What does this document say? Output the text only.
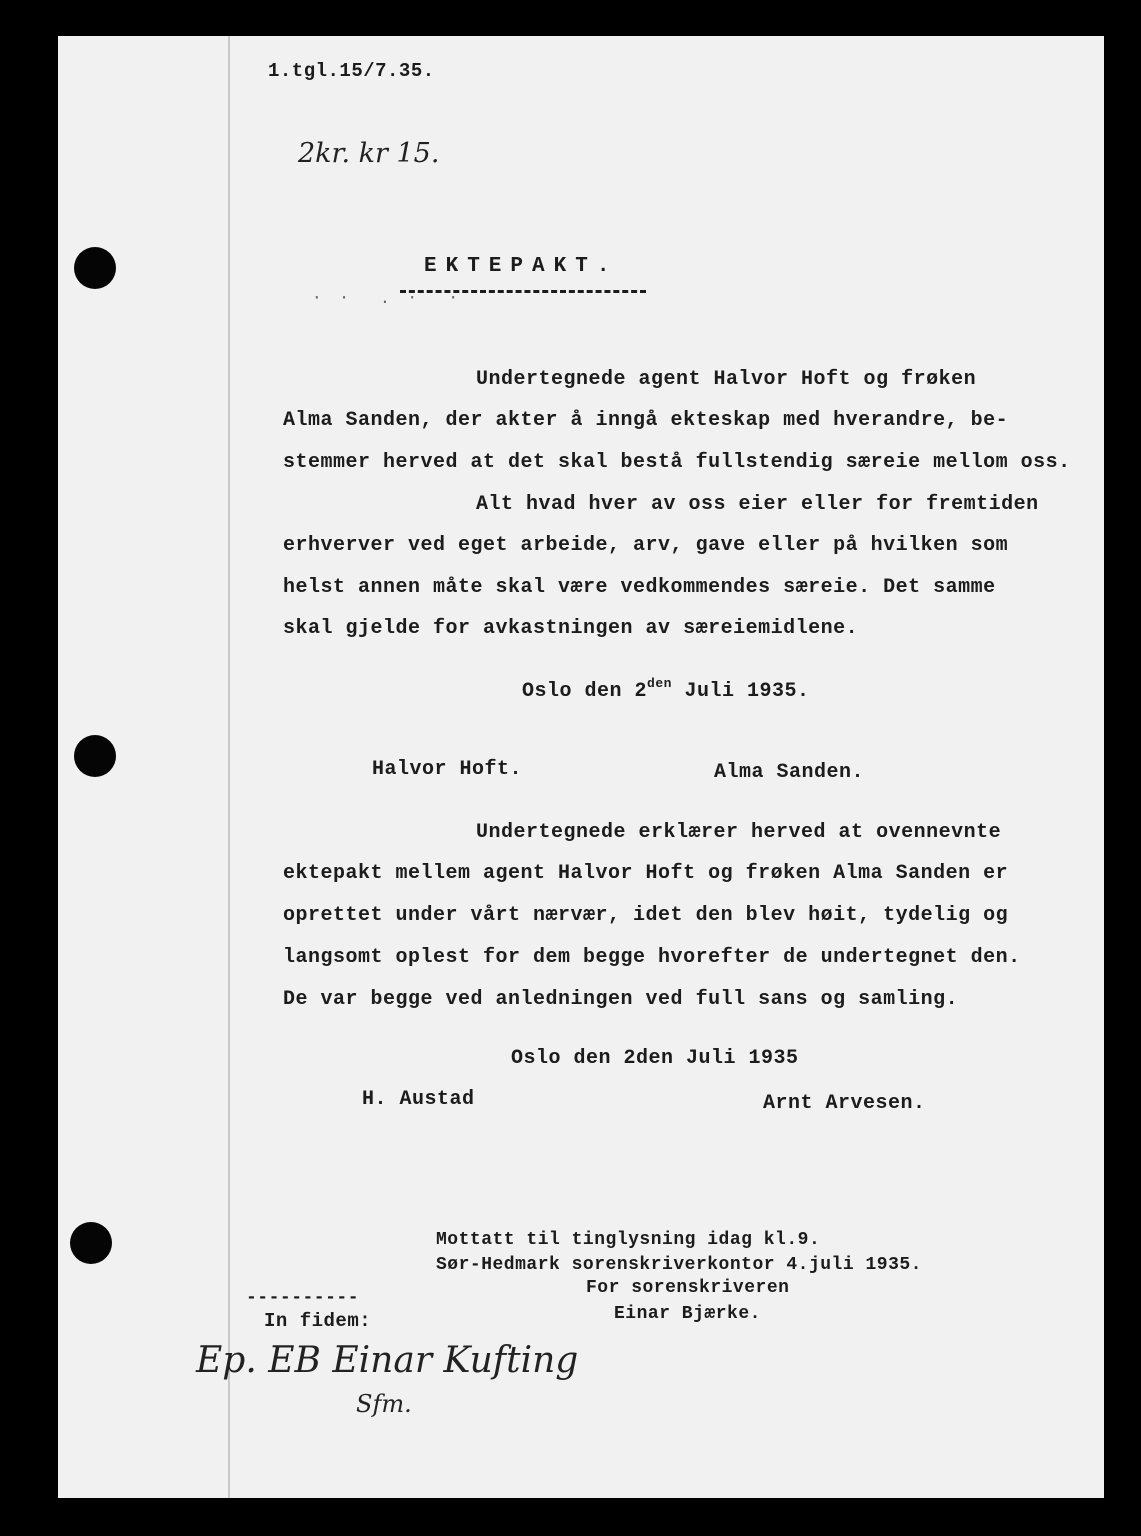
1.tgl.15/7.35.
2kr. kr 15.
EKTEPAKT.
· ·  . ·  ·
Undertegnede agent Halvor Hoft og frøken
Alma Sanden, der akter å inngå ekteskap med hverandre, be-
stemmer herved at det skal bestå fullstendig særeie mellom oss.
Alt hvad hver av oss eier eller for fremtiden
erhverver ved eget arbeide, arv, gave eller på hvilken som
helst annen måte skal være vedkommendes særeie. Det samme
skal gjelde for avkastningen av særeiemidlene.
Oslo den $2^{den}$ Juli 1935.
Halvor Hoft.	Alma Sanden.
Undertegnede erklærer herved at ovennevnte
ektepakt mellem agent Halvor Hoft og frøken Alma Sanden er
oprettet under vårt nærvær, idet den blev høit, tydelig og
langsomt oplest for dem begge hvorefter de undertegnet den.
De var begge ved anledningen ved full sans og samling.
Oslo den 2den Juli 1935
H. Austad	Arnt Arvesen.
Mottatt til tinglysning idag kl.9.
Sør-Hedmark sorenskriverkontor 4.juli 1935.
For sorenskriveren
Einar Bjærke.
----------
In fidem:
Ep. EB Einar Kufting
Sfm.
